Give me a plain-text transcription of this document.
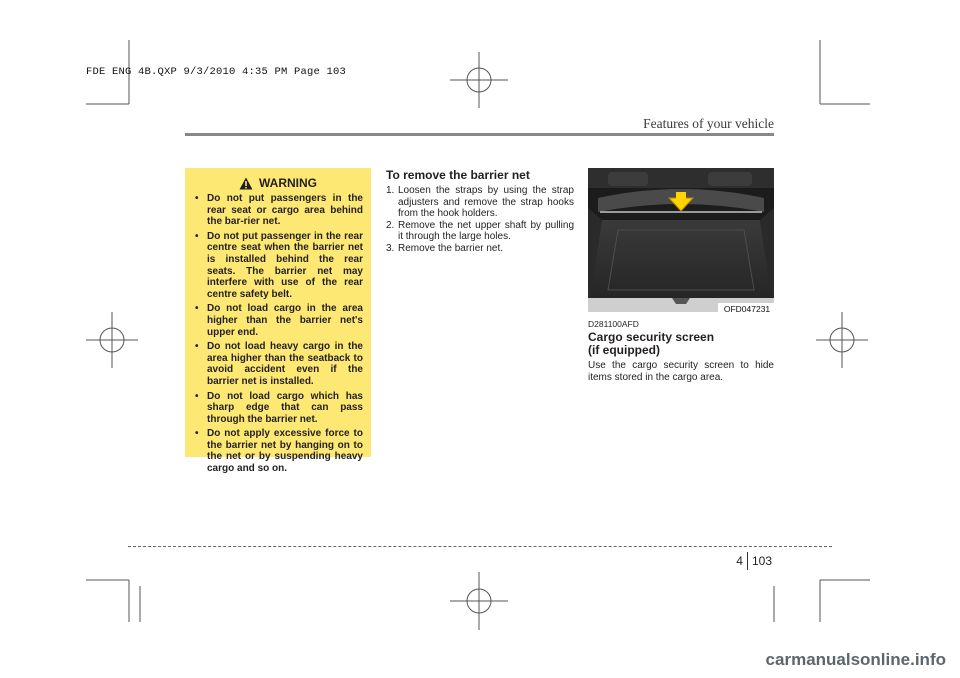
FDE ENG 4B.QXP 9/3/2010 4:35 PM Page 103
Features of your vehicle
WARNING
• Do not put passengers in the rear seat or cargo area behind the bar-rier net.
• Do not put passenger in the rear centre seat when the barrier net is installed behind the rear seats. The barrier net may interfere with use of the rear centre safety belt.
• Do not load cargo in the area higher than the barrier net's upper end.
• Do not load heavy cargo in the area higher than the seatback to avoid accident even if the barrier net is installed.
• Do not load cargo which has sharp edge that can pass through the barrier net.
• Do not apply excessive force to the barrier net by hanging on to the net or by suspending heavy cargo and so on.
To remove the barrier net
1. Loosen the straps by using the strap adjusters and remove the strap hooks from the hook holders.
2. Remove the net upper shaft by pulling it through the large holes.
3. Remove the barrier net.
OFD047231
D281100AFD
Cargo security screen
(if equipped)

Use the cargo security screen to hide items stored in the cargo area.

4 103
carmanualsonline.info
